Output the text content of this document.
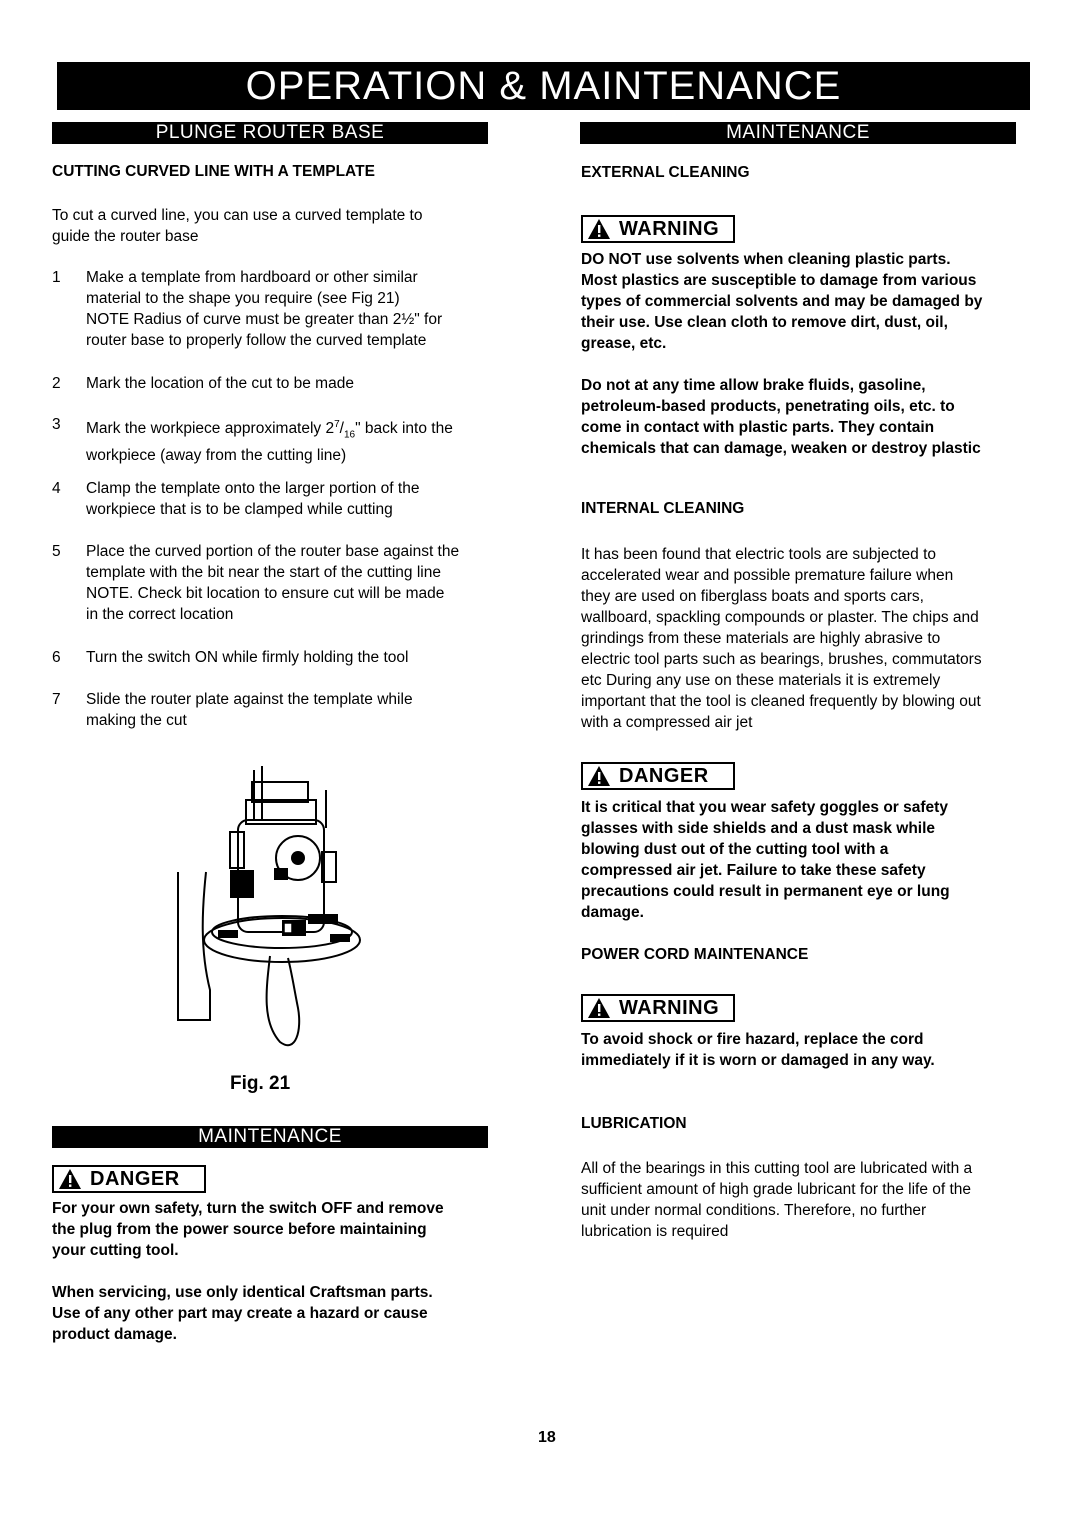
OPERATION & MAINTENANCE
PLUNGE ROUTER BASE
CUTTING CURVED LINE WITH A TEMPLATE
To cut a curved line, you can use a curved template to
guide the router base
1 Make a template from hardboard or other similar
material to the shape you require (see Fig 21)
NOTE Radius of curve must be greater than 2½" for
router base to properly follow the curved template
2 Mark the location of the cut to be made
3 Mark the workpiece approximately $2^7/_{16}$" back into the
workpiece (away from the cutting line)
4 Clamp the template onto the larger portion of the
workpiece that is to be clamped while cutting
5 Place the curved portion of the router base against the
template with the bit near the start of the cutting line
NOTE. Check bit location to ensure cut will be made
in the correct location
6 Turn the switch ON while firmly holding the tool
7 Slide the router plate against the template while
making the cut
Fig. 21
MAINTENANCE
DANGER
For your own safety, turn the switch OFF and remove
the plug from the power source before maintaining
your cutting tool.
When servicing, use only identical Craftsman parts.
Use of any other part may create a hazard or cause
product damage.
MAINTENANCE
EXTERNAL CLEANING
WARNING
DO NOT use solvents when cleaning plastic parts.
Most plastics are susceptible to damage from various
types of commercial solvents and may be damaged by
their use. Use clean cloth to remove dirt, dust, oil,
grease, etc.
Do not at any time allow brake fluids, gasoline,
petroleum-based products, penetrating oils, etc. to
come in contact with plastic parts. They contain
chemicals that can damage, weaken or destroy plastic
INTERNAL CLEANING
It has been found that electric tools are subjected to
accelerated wear and possible premature failure when
they are used on fiberglass boats and sports cars,
wallboard, spackling compounds or plaster. The chips and
grindings from these materials are highly abrasive to
electric tool parts such as bearings, brushes, commutators
etc During any use on these materials it is extremely
important that the tool is cleaned frequently by blowing out
with a compressed air jet
DANGER
It is critical that you wear safety goggles or safety
glasses with side shields and a dust mask while
blowing dust out of the cutting tool with a
compressed air jet. Failure to take these safety
precautions could result in permanent eye or lung
damage.
POWER CORD MAINTENANCE
WARNING
To avoid shock or fire hazard, replace the cord
immediately if it is worn or damaged in any way.
LUBRICATION
All of the bearings in this cutting tool are lubricated with a
sufficient amount of high grade lubricant for the life of the
unit under normal conditions. Therefore, no further
lubrication is required
18
